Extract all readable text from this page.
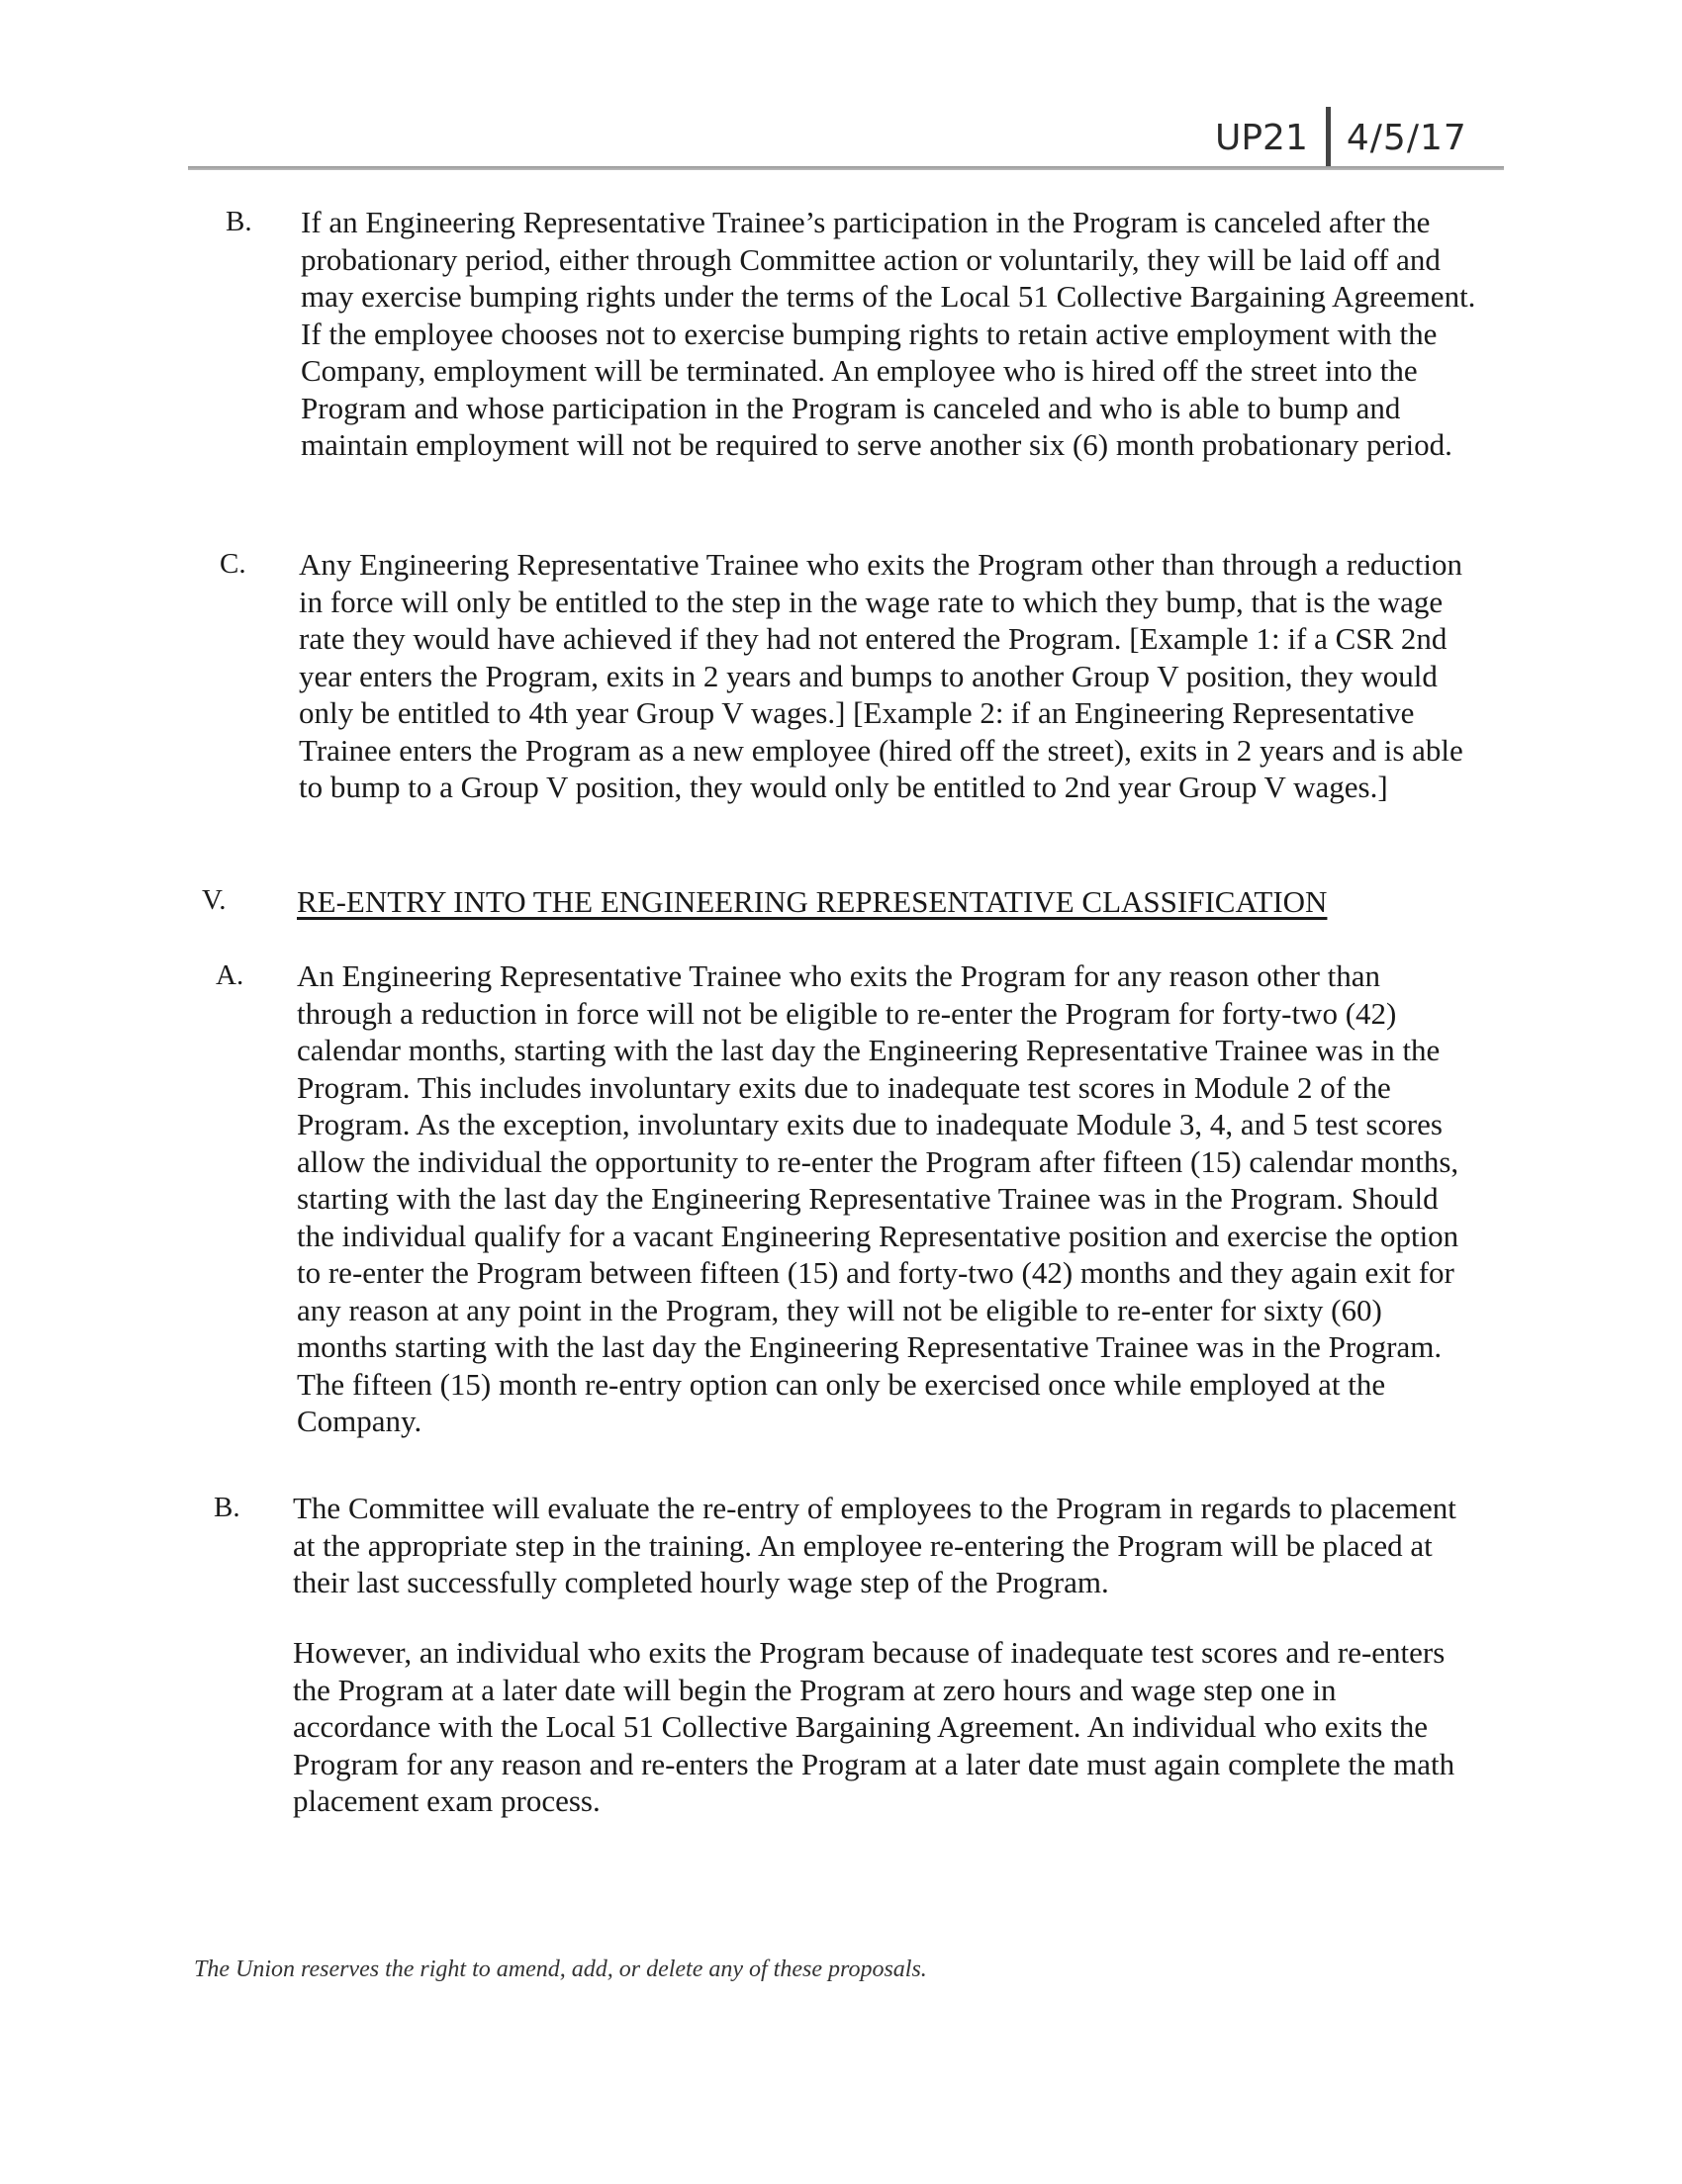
UP21	4/5/17
B. If an Engineering Representative Trainee’s participation in the Program is canceled after the probationary period, either through Committee action or voluntarily, they will be laid off and may exercise bumping rights under the terms of the Local 51 Collective Bargaining Agreement. If the employee chooses not to exercise bumping rights to retain active employment with the Company, employment will be terminated. An employee who is hired off the street into the Program and whose participation in the Program is canceled and who is able to bump and maintain employment will not be required to serve another six (6) month probationary period.
C. Any Engineering Representative Trainee who exits the Program other than through a reduction in force will only be entitled to the step in the wage rate to which they bump, that is the wage rate they would have achieved if they had not entered the Program. [Example 1: if a CSR 2nd year enters the Program, exits in 2 years and bumps to another Group V position, they would only be entitled to 4th year Group V wages.] [Example 2: if an Engineering Representative Trainee enters the Program as a new employee (hired off the street), exits in 2 years and is able to bump to a Group V position, they would only be entitled to 2nd year Group V wages.]
V. RE-ENTRY INTO THE ENGINEERING REPRESENTATIVE CLASSIFICATION
A. An Engineering Representative Trainee who exits the Program for any reason other than through a reduction in force will not be eligible to re-enter the Program for forty-two (42) calendar months, starting with the last day the Engineering Representative Trainee was in the Program. This includes involuntary exits due to inadequate test scores in Module 2 of the Program. As the exception, involuntary exits due to inadequate Module 3, 4, and 5 test scores allow the individual the opportunity to re-enter the Program after fifteen (15) calendar months, starting with the last day the Engineering Representative Trainee was in the Program. Should the individual qualify for a vacant Engineering Representative position and exercise the option to re-enter the Program between fifteen (15) and forty-two (42) months and they again exit for any reason at any point in the Program, they will not be eligible to re-enter for sixty (60) months starting with the last day the Engineering Representative Trainee was in the Program. The fifteen (15) month re-entry option can only be exercised once while employed at the Company.
B. The Committee will evaluate the re-entry of employees to the Program in regards to placement at the appropriate step in the training. An employee re-entering the Program will be placed at their last successfully completed hourly wage step of the Program.
However, an individual who exits the Program because of inadequate test scores and re-enters the Program at a later date will begin the Program at zero hours and wage step one in accordance with the Local 51 Collective Bargaining Agreement. An individual who exits the Program for any reason and re-enters the Program at a later date must again complete the math placement exam process.
The Union reserves the right to amend, add, or delete any of these proposals.
